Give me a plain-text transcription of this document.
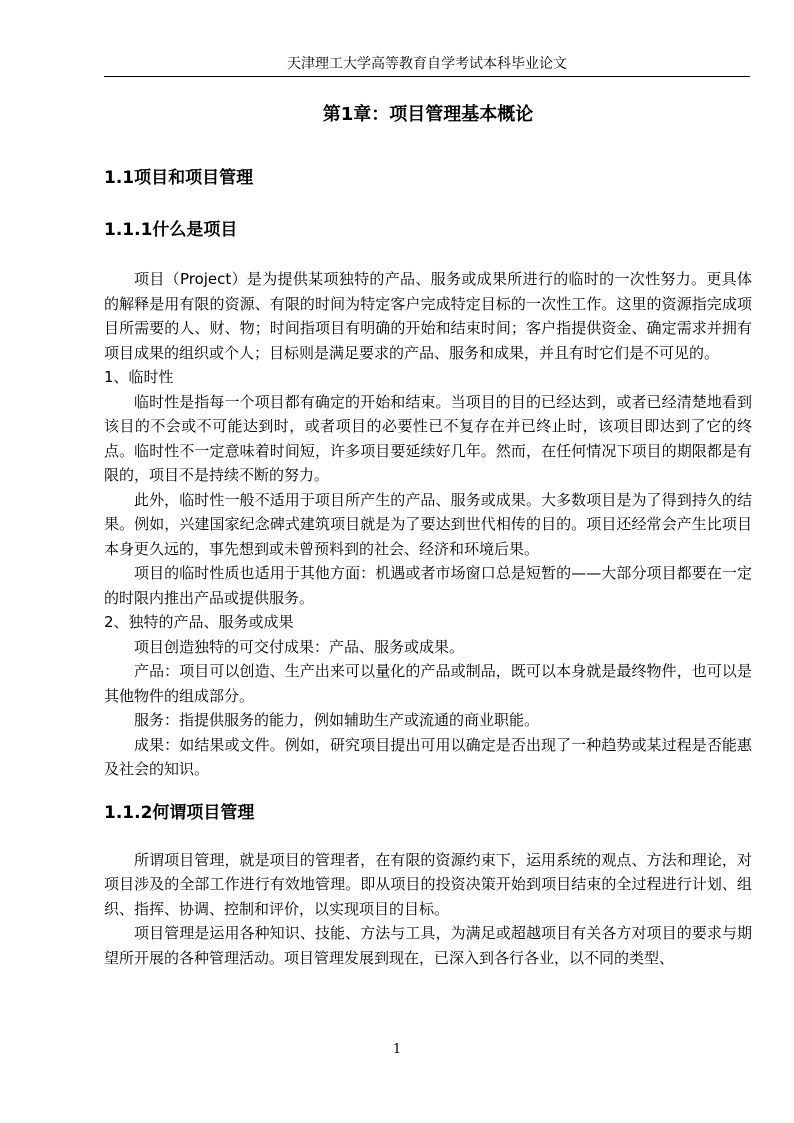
天津理工大学高等教育自学考试本科毕业论文
第1章：项目管理基本概论
1.1项目和项目管理
1.1.1什么是项目

项目（Project）是为提供某项独特的产品、服务或成果所进行的临时的一次性努力。更具体的解释是用有限的资源、有限的时间为特定客户完成特定目标的一次性工作。这里的资源指完成项目所需要的人、财、物；时间指项目有明确的开始和结束时间；客户指提供资金、确定需求并拥有项目成果的组织或个人；目标则是满足要求的产品、服务和成果，并且有时它们是不可见的。

1、临时性

临时性是指每一个项目都有确定的开始和结束。当项目的目的已经达到，或者已经清楚地看到该目的不会或不可能达到时，或者项目的必要性已不复存在并已终止时，该项目即达到了它的终点。临时性不一定意味着时间短，许多项目要延续好几年。然而，在任何情况下项目的期限都是有限的，项目不是持续不断的努力。

此外，临时性一般不适用于项目所产生的产品、服务或成果。大多数项目是为了得到持久的结果。例如，兴建国家纪念碑式建筑项目就是为了要达到世代相传的目的。项目还经常会产生比项目本身更久远的，事先想到或未曾预料到的社会、经济和环境后果。

项目的临时性质也适用于其他方面：机遇或者市场窗口总是短暂的——大部分项目都要在一定的时限内推出产品或提供服务。

2、独特的产品、服务或成果

项目创造独特的可交付成果：产品、服务或成果。

产品：项目可以创造、生产出来可以量化的产品或制品，既可以本身就是最终物件，也可以是其他物件的组成部分。

服务：指提供服务的能力，例如辅助生产或流通的商业职能。

成果：如结果或文件。例如，研究项目提出可用以确定是否出现了一种趋势或某过程是否能惠及社会的知识。

1.1.2何谓项目管理

所谓项目管理，就是项目的管理者，在有限的资源约束下，运用系统的观点、方法和理论，对项目涉及的全部工作进行有效地管理。即从项目的投资决策开始到项目结束的全过程进行计划、组织、指挥、协调、控制和评价，以实现项目的目标。

项目管理是运用各种知识、技能、方法与工具，为满足或超越项目有关各方对项目的要求与期望所开展的各种管理活动。项目管理发展到现在，已深入到各行各业，以不同的类型、

1
